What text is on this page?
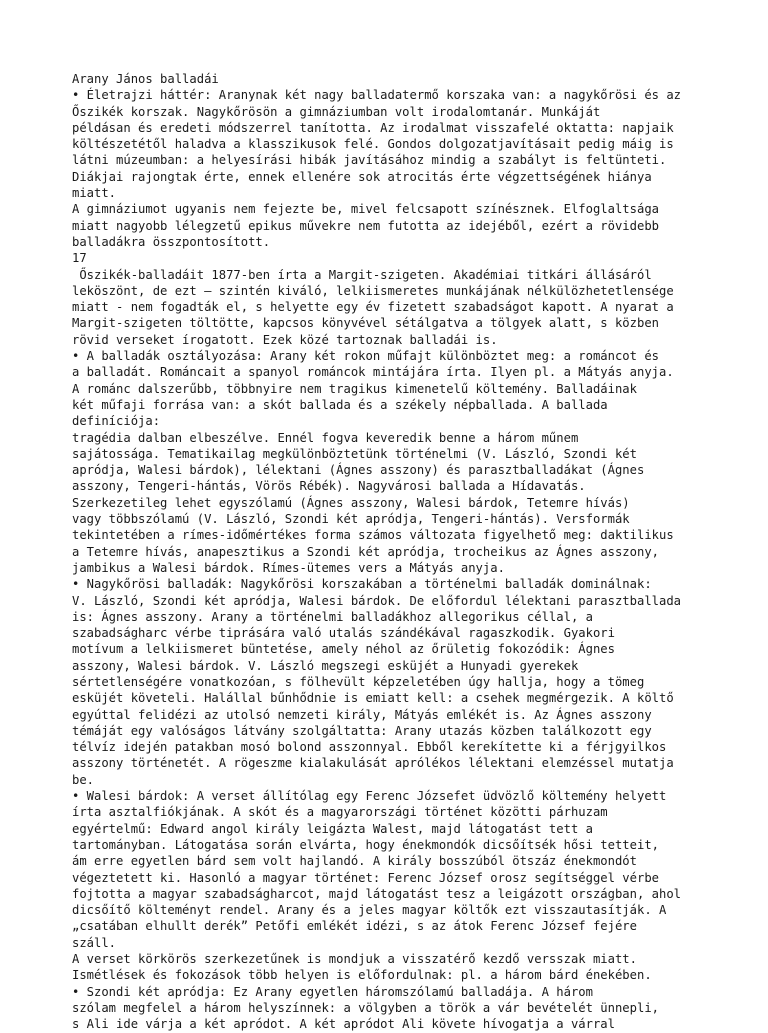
Arany János balladái
• Életrajzi háttér: Aranynak két nagy balladatermő korszaka van: a nagykőrösi és az
Őszikék korszak. Nagykőrösön a gimnáziumban volt irodalomtanár. Munkáját
példásan és eredeti módszerrel tanította. Az irodalmat visszafelé oktatta: napjaik
költészetétől haladva a klasszikusok felé. Gondos dolgozatjavításait pedig máig is
látni múzeumban: a helyesírási hibák javításához mindig a szabályt is feltünteti.
Diákjai rajongtak érte, ennek ellenére sok atrocitás érte végzettségének hiánya
miatt.
A gimnáziumot ugyanis nem fejezte be, mivel felcsapott színésznek. Elfoglaltsága
miatt nagyobb lélegzetű epikus művekre nem futotta az idejéből, ezért a rövidebb
balladákra összpontosított.
17
Őszikék-balladáit 1877-ben írta a Margit-szigeten. Akadémiai titkári állásáról
leköszönt, de ezt – szintén kiváló, lelkiismeretes munkájának nélkülözhetetlensége
miatt - nem fogadták el, s helyette egy év fizetett szabadságot kapott. A nyarat a
Margit-szigeten töltötte, kapcsos könyvével sétálgatva a tölgyek alatt, s közben
rövid verseket írogatott. Ezek közé tartoznak balladái is.
• A balladák osztályozása: Arany két rokon műfajt különböztet meg: a románcot és
a balladát. Románcait a spanyol románcok mintájára írta. Ilyen pl. a Mátyás anyja.
A románc dalszerűbb, többnyire nem tragikus kimenetelű költemény. Balladáinak
két műfaji forrása van: a skót ballada és a székely népballada. A ballada
definíciója:
tragédia dalban elbeszélve. Ennél fogva keveredik benne a három műnem
sajátossága. Tematikailag megkülönböztetünk történelmi (V. László, Szondi két
apródja, Walesi bárdok), lélektani (Ágnes asszony) és parasztballadákat (Ágnes
asszony, Tengeri-hántás, Vörös Rébék). Nagyvárosi ballada a Hídavatás.
Szerkezetileg lehet egyszólamú (Ágnes asszony, Walesi bárdok, Tetemre hívás)
vagy többszólamú (V. László, Szondi két apródja, Tengeri-hántás). Versformák
tekintetében a rímes-időmértékes forma számos változata figyelhető meg: daktilikus
a Tetemre hívás, anapesztikus a Szondi két apródja, trocheikus az Ágnes asszony,
jambikus a Walesi bárdok. Rímes-ütemes vers a Mátyás anyja.
• Nagykőrösi balladák: Nagykőrösi korszakában a történelmi balladák dominálnak:
V. László, Szondi két apródja, Walesi bárdok. De előfordul lélektani parasztballada
is: Ágnes asszony. Arany a történelmi balladákhoz allegorikus céllal, a
szabadságharc vérbe tiprására való utalás szándékával ragaszkodik. Gyakori
motívum a lelkiismeret büntetése, amely néhol az őrületig fokozódik: Ágnes
asszony, Walesi bárdok. V. László megszegi esküjét a Hunyadi gyerekek
sértetlenségére vonatkozóan, s fölhevült képzeletében úgy hallja, hogy a tömeg
esküjét követeli. Halállal bűnhődnie is emiatt kell: a csehek megmérgezik. A költő
egyúttal felidézi az utolsó nemzeti király, Mátyás emlékét is. Az Ágnes asszony
témáját egy valóságos látvány szolgáltatta: Arany utazás közben találkozott egy
télvíz idején patakban mosó bolond asszonnyal. Ebből kerekítette ki a férjgyilkos
asszony történetét. A rögeszme kialakulását aprólékos lélektani elemzéssel mutatja
be.
• Walesi bárdok: A verset állítólag egy Ferenc Józsefet üdvözlő költemény helyett
írta asztalfiókjának. A skót és a magyarországi történet közötti párhuzam
egyértelmű: Edward angol király leigázta Walest, majd látogatást tett a
tartományban. Látogatása során elvárta, hogy énekmondók dicsőítsék hősi tetteit,
ám erre egyetlen bárd sem volt hajlandó. A király bosszúból ötszáz énekmondót
végeztetett ki. Hasonló a magyar történet: Ferenc József orosz segítséggel vérbe
fojtotta a magyar szabadságharcot, majd látogatást tesz a leigázott országban, ahol
dicsőítő költeményt rendel. Arany és a jeles magyar költők ezt visszautasítják. A
„csatában elhullt derék” Petőfi emlékét idézi, s az átok Ferenc József fejére
száll.
A verset körkörös szerkezetűnek is mondjuk a visszatérő kezdő versszak miatt.
Ismétlések és fokozások több helyen is előfordulnak: pl. a három bárd énekében.
• Szondi két apródja: Ez Arany egyetlen háromszólamú balladája. A három
szólam megfelel a három helyszínnek: a völgyben a török a vár bevételét ünnepli,
s Ali ide várja a két apródot. A két apródot Ali követe hívogatja a várral
